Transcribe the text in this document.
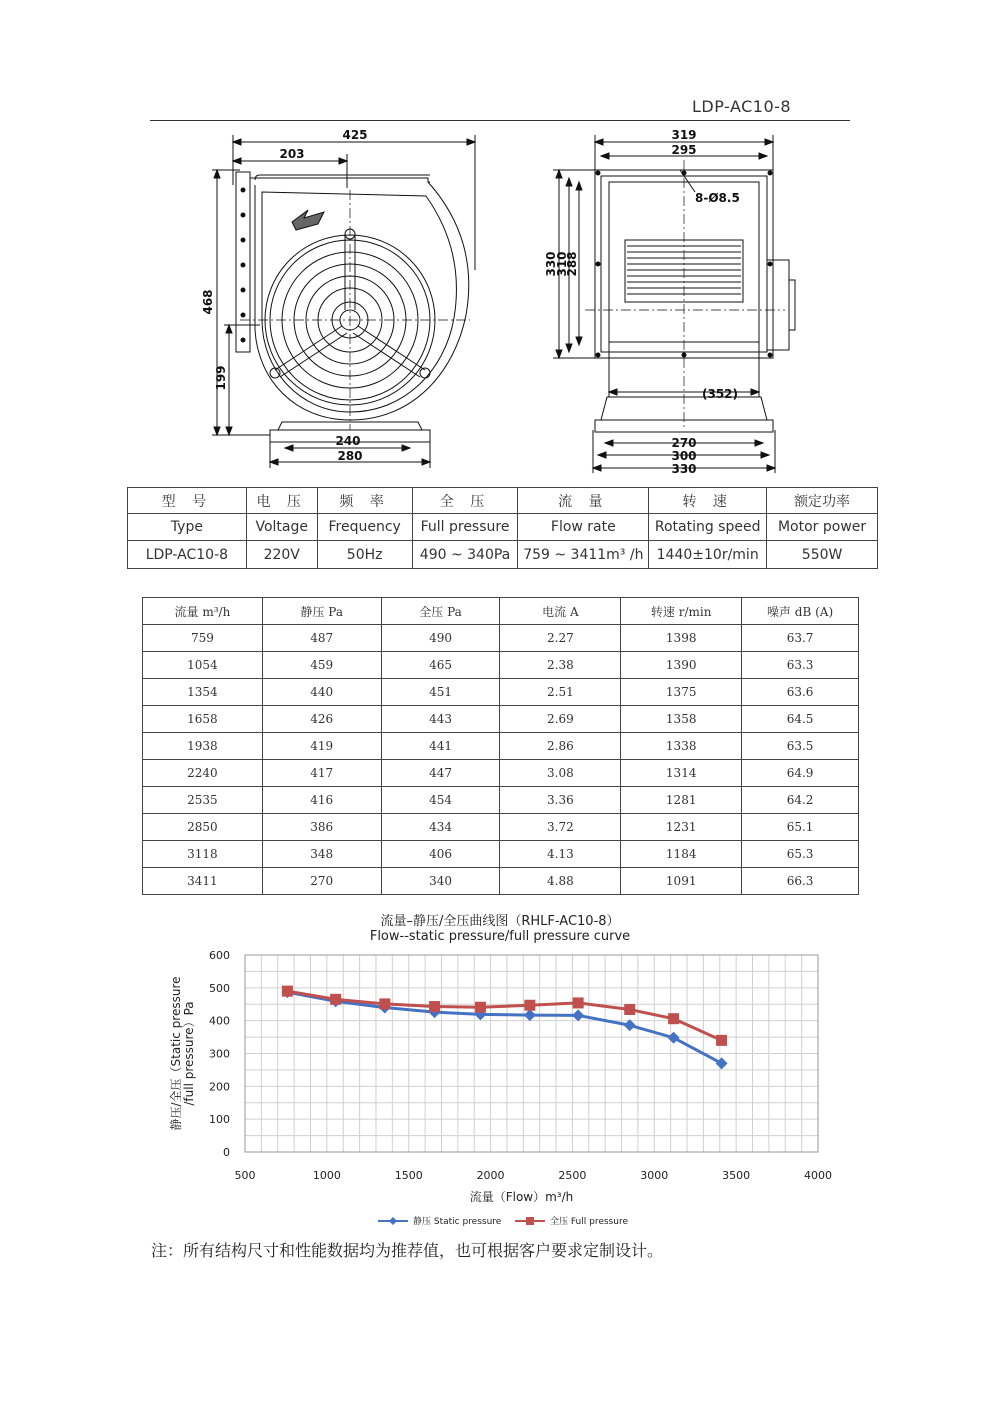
LDP-AC10-8
425
203
468
199
240
280
319
295
8-Ø8.5
330
310
288
(352)
270
300
330
型 号	电 压	频 率	全 压	流 量	转 速	额定功率
Type	Voltage	Frequency	Full pressure	Flow rate	Rotating speed	Motor power
LDP-AC10-8	220V	50Hz	490 ~ 340Pa	759 ~ 3411m³ /h	1440±10r/min	550W
流量 m³/h	静压 Pa	全压 Pa	电流 A	转速 r/min	噪声 dB (A)
759	487	490	2.27	1398	63.7
1054	459	465	2.38	1390	63.3
1354	440	451	2.51	1375	63.6
1658	426	443	2.69	1358	64.5
1938	419	441	2.86	1338	63.5
2240	417	447	3.08	1314	64.9
2535	416	454	3.36	1281	64.2
2850	386	434	3.72	1231	65.1
3118	348	406	4.13	1184	65.3
3411	270	340	4.88	1091	66.3
流量–静压/全压曲线图（RHLF-AC10-8）
Flow--static pressure/full pressure curve
0
100
200
300
400
500
600
500	1000	1500	2000	2500	3000	3500	4000
流量（Flow）m³/h
静压/全压（Static pressure /full pressure）Pa
静压 Static pressure	全压 Full pressure
注：所有结构尺寸和性能数据均为推荐值，也可根据客户要求定制设计。
